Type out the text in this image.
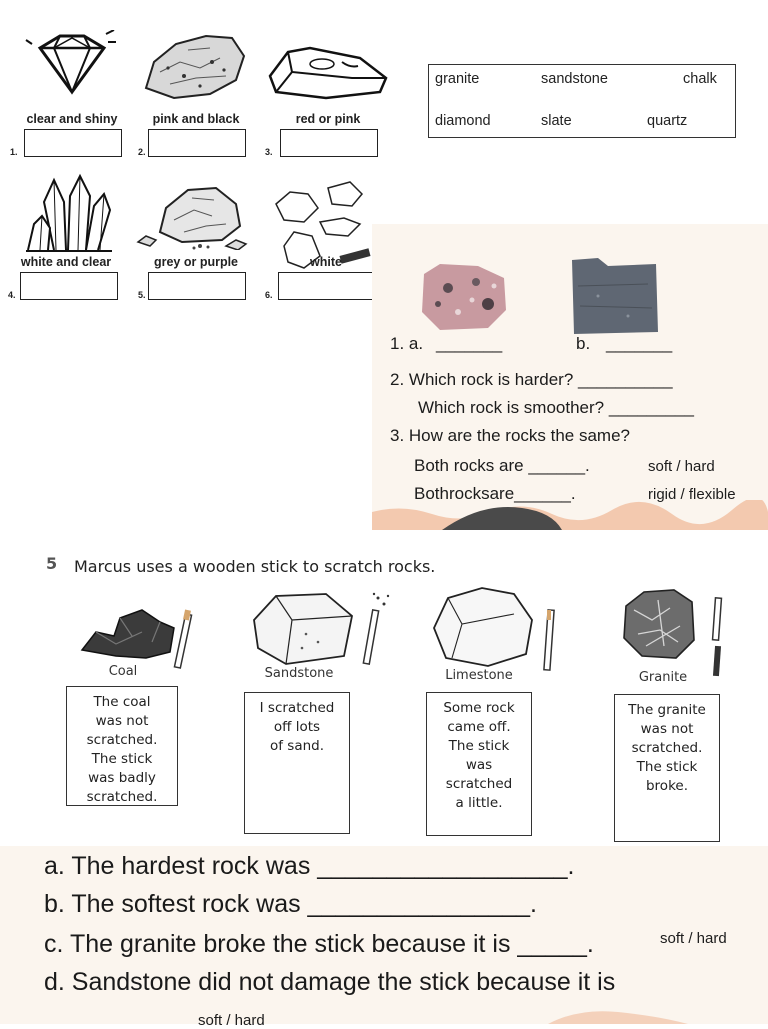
clear and shiny	pink and black	red or pink
1.	2.	3.
white and clear	grey or purple	white
4.	5.	6.
granite	sandstone	chalk
diamond	slate	quartz
1. a. _______	b. _______
2. Which rock is harder? __________
Which rock is smoother? _________
3. How are the rocks the same?
Both rocks are ______.	soft / hard
Bothrocksare______.	rigid / flexible
5 Marcus uses a wooden stick to scratch rocks.
Coal
The coal
was not
scratched.
The stick
was badly
scratched.
Sandstone
I scratched
off lots
of sand.
Limestone
Some rock
came off.
The stick
was
scratched
a little.
Granite
The granite
was not
scratched.
The stick
broke.
a. The hardest rock was __________________.
b. The softest rock was ________________.
c. The granite broke the stick because it is _____.	soft / hard
d. Sandstone did not damage the stick because it is
soft / hard
